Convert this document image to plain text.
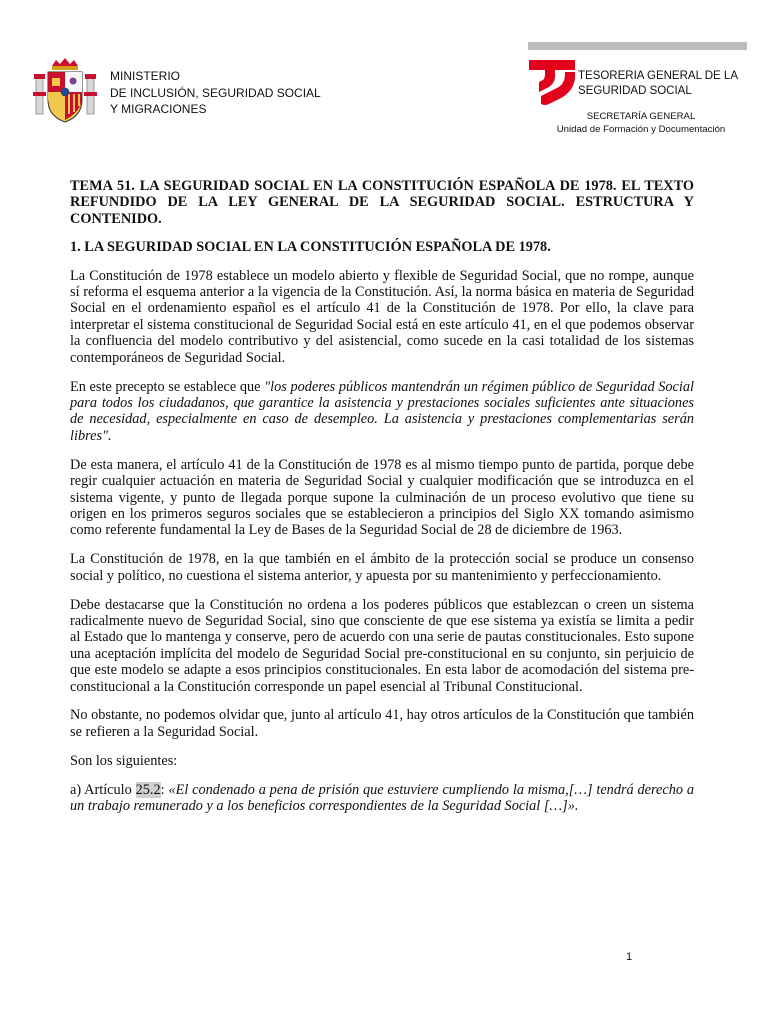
MINISTERIO
DE INCLUSIÓN, SEGURIDAD SOCIAL
Y MIGRACIONES
TESORERIA GENERAL DE LA
SEGURIDAD SOCIAL
SECRETARÍA GENERAL
Unidad de Formación y Documentación
TEMA 51. LA SEGURIDAD SOCIAL EN LA CONSTITUCIÓN ESPAÑOLA DE 1978. EL TEXTO REFUNDIDO DE LA LEY GENERAL DE LA SEGURIDAD SOCIAL. ESTRUCTURA Y CONTENIDO.
1. LA SEGURIDAD SOCIAL EN LA CONSTITUCIÓN ESPAÑOLA DE 1978.

La Constitución de 1978 establece un modelo abierto y flexible de Seguridad Social, que no rompe, aunque sí reforma el esquema anterior a la vigencia de la Constitución. Así, la norma básica en materia de Seguridad Social en el ordenamiento español es el artículo 41 de la Constitución de 1978. Por ello, la clave para interpretar el sistema constitucional de Seguridad Social está en este artículo 41, en el que podemos observar la confluencia del modelo contributivo y del asistencial, como sucede en la casi totalidad de los sistemas contemporáneos de Seguridad Social.

En este precepto se establece que "los poderes públicos mantendrán un régimen público de Seguridad Social para todos los ciudadanos, que garantice la asistencia y prestaciones sociales suficientes ante situaciones de necesidad, especialmente en caso de desempleo. La asistencia y prestaciones complementarias serán libres".

De esta manera, el artículo 41 de la Constitución de 1978 es al mismo tiempo punto de partida, porque debe regir cualquier actuación en materia de Seguridad Social y cualquier modificación que se introduzca en el sistema vigente, y punto de llegada porque supone la culminación de un proceso evolutivo que tiene su origen en los primeros seguros sociales que se establecieron a principios del Siglo XX tomando asimismo como referente fundamental la Ley de Bases de la Seguridad Social de 28 de diciembre de 1963.

La Constitución de 1978, en la que también en el ámbito de la protección social se produce un consenso social y político, no cuestiona el sistema anterior, y apuesta por su mantenimiento y perfeccionamiento.

Debe destacarse que la Constitución no ordena a los poderes públicos que establezcan o creen un sistema radicalmente nuevo de Seguridad Social, sino que consciente de que ese sistema ya existía se limita a pedir al Estado que lo mantenga y conserve, pero de acuerdo con una serie de pautas constitucionales. Esto supone una aceptación implícita del modelo de Seguridad Social pre-constitucional en su conjunto, sin perjuicio de que este modelo se adapte a esos principios constitucionales. En esta labor de acomodación del sistema pre-constitucional a la Constitución corresponde un papel esencial al Tribunal Constitucional.

No obstante, no podemos olvidar que, junto al artículo 41, hay otros artículos de la Constitución que también se refieren a la Seguridad Social.

Son los siguientes:

a) Artículo 25.2: «El condenado a pena de prisión que estuviere cumpliendo la misma,[…] tendrá derecho a un trabajo remunerado y a los beneficios correspondientes de la Seguridad Social […]».

1
